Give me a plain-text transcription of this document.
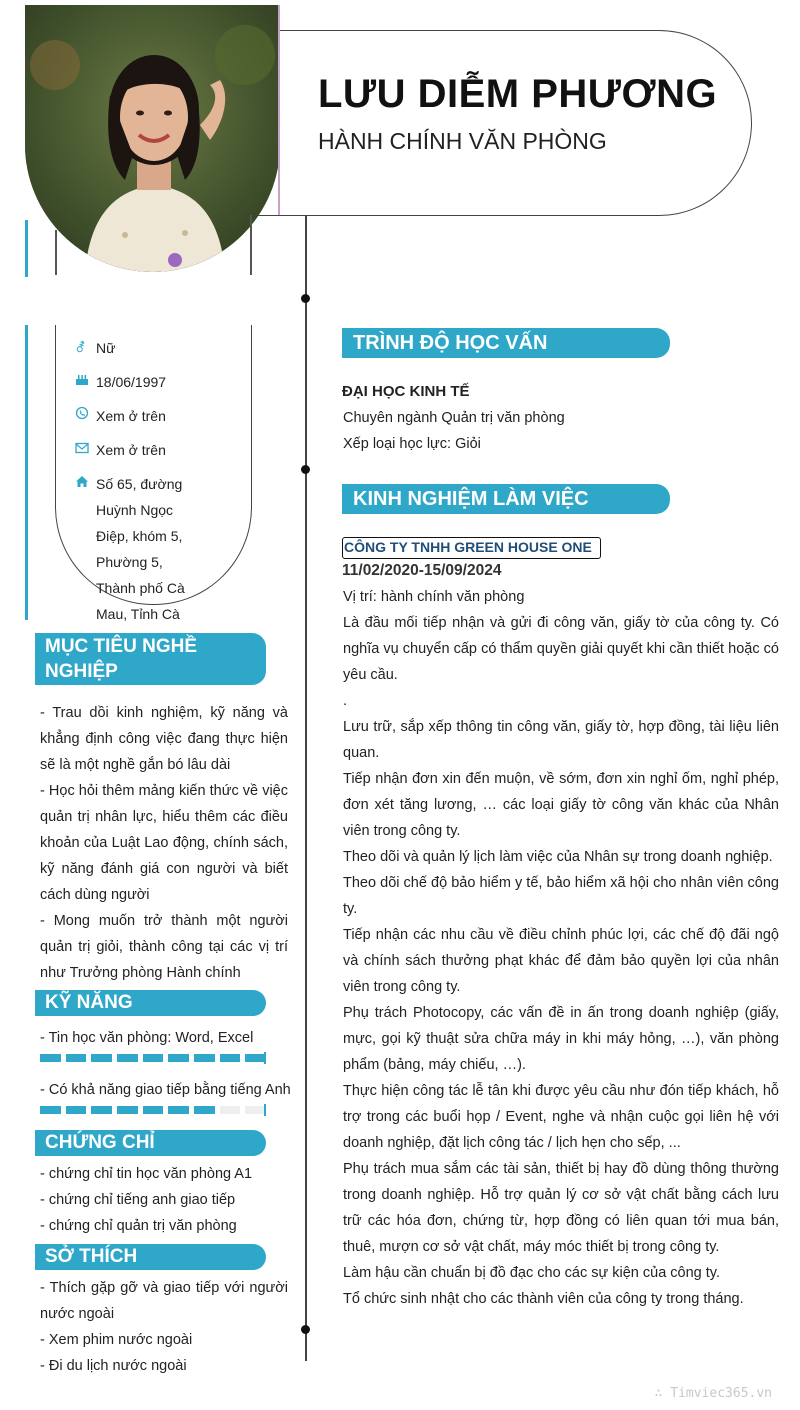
LƯU DIỄM PHƯƠNG
HÀNH CHÍNH VĂN PHÒNG
⚦ Nữ
18/06/1997
Xem ở trên
Xem ở trên
Số 65, đường
Huỳnh Ngọc
Điệp, khóm 5,
Phường 5,
Thành phố Cà
Mau, Tỉnh Cà
MỤC TIÊU NGHỀ NGHIỆP

- Trau dồi kinh nghiệm, kỹ năng và khẳng định công việc đang thực hiện sẽ là một nghề gắn bó lâu dài

- Học hỏi thêm mảng kiến thức về việc quản trị nhân lực, hiểu thêm các điều khoản của Luật Lao động, chính sách, kỹ năng đánh giá con người và biết cách dùng người

- Mong muốn trở thành một người quản trị giỏi, thành công tại các vị trí như Trưởng phòng Hành chính

KỸ NĂNG
- Tin học văn phòng: Word, Excel
- Có khả năng giao tiếp bằng tiếng Anh
CHỨNG CHỈ

- chứng chỉ tin học văn phòng A1

- chứng chỉ tiếng anh giao tiếp

- chứng chỉ quản trị văn phòng

SỞ THÍCH

- Thích gặp gỡ và giao tiếp với người nước ngoài

- Xem phim nước ngoài

- Đi du lịch nước ngoài

TRÌNH ĐỘ HỌC VẤN
ĐẠI HỌC KINH TẾ

Chuyên ngành Quản trị văn phòng

Xếp loại học lực: Giỏi

KINH NGHIỆM LÀM VIỆC
CÔNG TY TNHH GREEN HOUSE ONE
11/02/2020-15/09/2024

Vị trí: hành chính văn phòng

Là đầu mối tiếp nhận và gửi đi công văn, giấy tờ của công ty. Có nghĩa vụ chuyển cấp có thẩm quyền giải quyết khi cần thiết hoặc có yêu cầu.

.

Lưu trữ, sắp xếp thông tin công văn, giấy tờ, hợp đồng, tài liệu liên quan.

Tiếp nhận đơn xin đến muộn, về sớm, đơn xin nghỉ ốm, nghỉ phép, đơn xét tăng lương, … các loại giấy tờ công văn khác của Nhân viên trong công ty.

Theo dõi và quản lý lịch làm việc của Nhân sự trong doanh nghiệp.

Theo dõi chế độ bảo hiểm y tế, bảo hiểm xã hội cho nhân viên công ty.

Tiếp nhận các nhu cầu về điều chỉnh phúc lợi, các chế độ đãi ngộ và chính sách thưởng phạt khác để đảm bảo quyền lợi của nhân viên trong công ty.

Phụ trách Photocopy, các vấn đề in ấn trong doanh nghiệp (giấy, mực, gọi kỹ thuật sửa chữa máy in khi máy hỏng, …), văn phòng phẩm (bảng, máy chiếu, …).

Thực hiện công tác lễ tân khi được yêu cầu như đón tiếp khách, hỗ trợ trong các buổi họp / Event, nghe và nhận cuộc gọi liên hệ với doanh nghiệp, đặt lịch công tác / lịch hẹn cho sếp, ...

Phụ trách mua sắm các tài sản, thiết bị hay đồ dùng thông thường trong doanh nghiệp. Hỗ trợ quản lý cơ sở vật chất bằng cách lưu trữ các hóa đơn, chứng từ, hợp đồng có liên quan tới mua bán, thuê, mượn cơ sở vật chất, máy móc thiết bị trong công ty.

Làm hậu cần chuẩn bị đồ đạc cho các sự kiện của công ty.

Tổ chức sinh nhật cho các thành viên của công ty trong tháng.

∴ Timviec365.vn
